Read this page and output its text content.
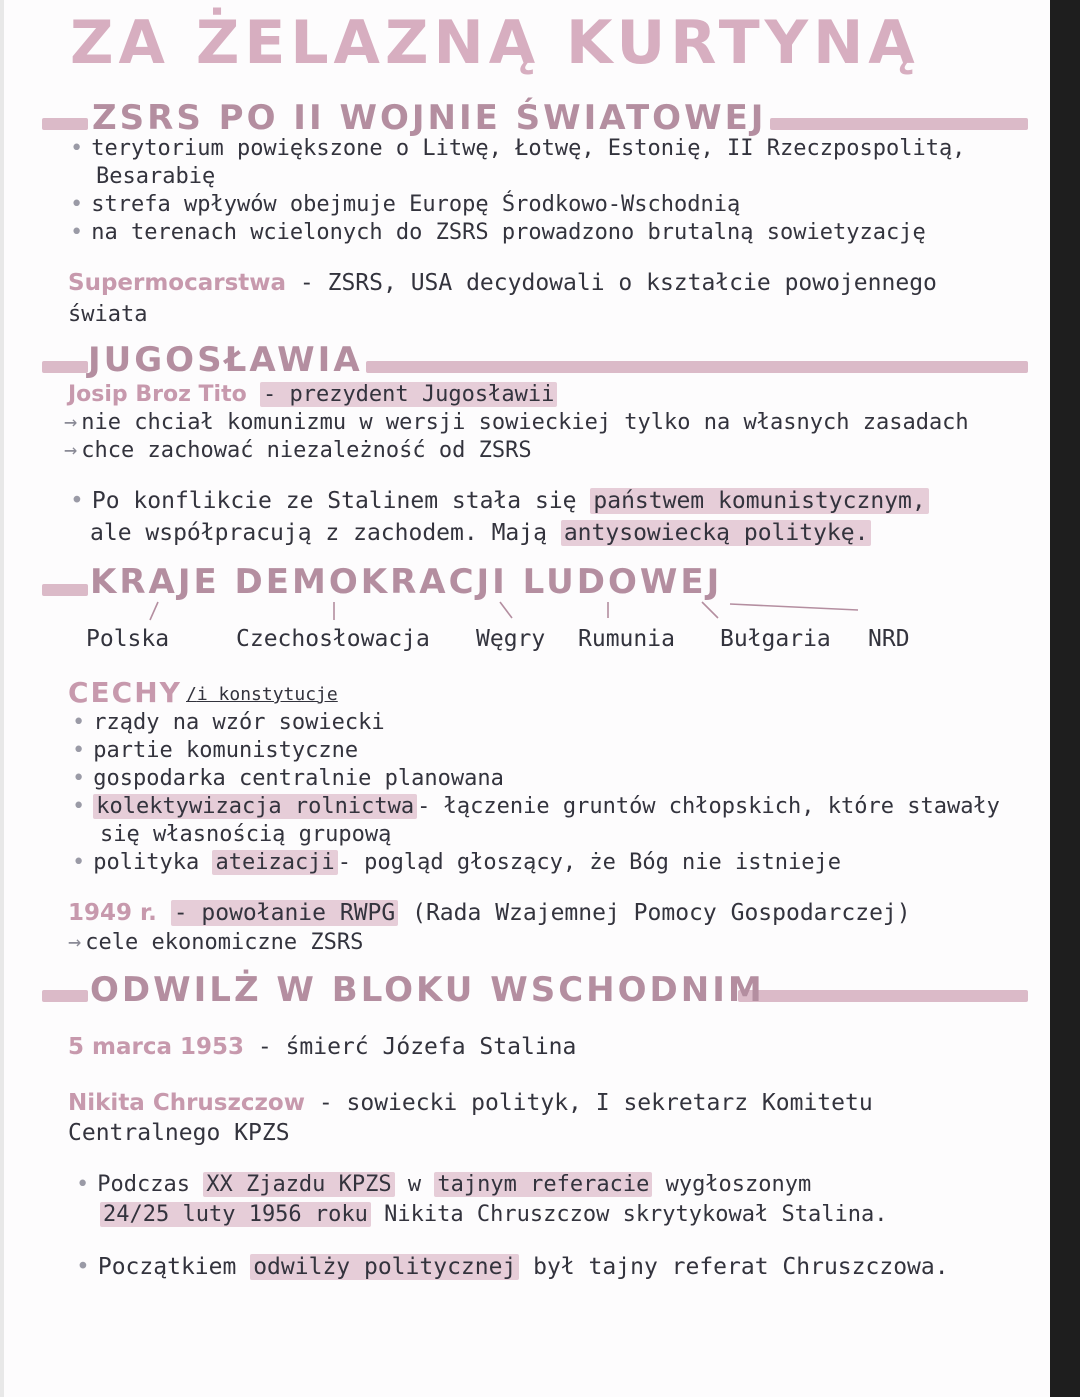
ZA ŻELAZNĄ KURTYNĄ
ZSRS PO II WOJNIE ŚWIATOWEJ
• terytorium powiększone o Litwę, Łotwę, Estonię, II Rzeczpospolitą,
Besarabię
• strefa wpływów obejmuje Europę Środkowo-Wschodnią
• na terenach wcielonych do ZSRS prowadzono brutalną sowietyzację
Supermocarstwa - ZSRS, USA decydowali o kształcie powojennego
świata
JUGOSŁAWIA
Josip Broz Tito - prezydent Jugosławii
→ nie chciał komunizmu w wersji sowieckiej tylko na własnych zasadach
→ chce zachować niezależność od ZSRS
• Po konflikcie ze Stalinem stała się państwem komunistycznym,
ale współpracują z zachodem. Mają antysowiecką politykę.
KRAJE DEMOKRACJI LUDOWEJ
Polska	Czechosłowacja Węgry Rumunia Bułgaria NRD
CECHY /i konstytucje
• rządy na wzór sowiecki
• partie komunistyczne
• gospodarka centralnie planowana
• kolektywizacja rolnictwa - łączenie gruntów chłopskich, które stawały
się własnością grupową
• polityka ateizacji - pogląd głoszący, że Bóg nie istnieje
1949 r. - powołanie RWPG (Rada Wzajemnej Pomocy Gospodarczej)
→ cele ekonomiczne ZSRS
ODWILŻ W BLOKU WSCHODNIM
5 marca 1953 - śmierć Józefa Stalina
Nikita Chruszczow - sowiecki polityk, I sekretarz Komitetu
Centralnego KPZS
• Podczas XX Zjazdu KPZS w tajnym referacie wygłoszonym
24/25 luty 1956 roku Nikita Chruszczow skrytykował Stalina.
• Początkiem odwilży politycznej był tajny referat Chruszczowa.
